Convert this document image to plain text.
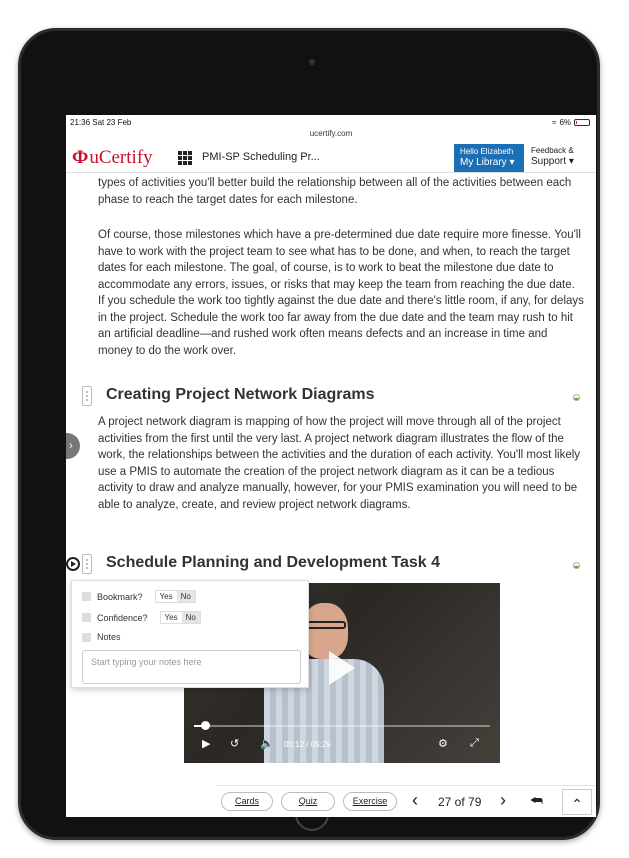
21:36 Sat 23 Feb
ucertify.com
≈ 6%
Ф uCertify	PMI-SP Scheduling Pr...	Hello Elizabeth
My Library ▾
Feedback &
Support ▾
›

types of activities you'll better build the relationship between all of the activities between each phase to reach the target dates for each milestone.

Of course, those milestones which have a pre-determined due date require more finesse. You'll have to work with the project team to see what has to be done, and when, to reach the target dates for each milestone. The goal, of course, is to work to beat the milestone due date to accommodate any errors, issues, or risks that may keep the team from reaching the due date. If you schedule the work too tightly against the due date and there's little room, if any, for delays in the project. Schedule the work too far away from the due date and the team may rush to hit an artificial deadline—and rushed work often means defects and an increase in time and money to do the work over.

Creating Project Network Diagrams

A project network diagram is mapping of how the project will move through all of the project activities from the first until the very last. A project network diagram illustrates the flow of the work, the relationships between the activities and the duration of each activity. You'll most likely use a PMIS to automate the creation of the project network diagram as it can be a tedious activity to draw and analyze manually, however, for your PMIS examination you will need to be able to analyze, create, and review project network diagrams.

Schedule Planning and Development Task 4
▶ ↺ 🔈 00:12 / 05:29	⚙ ⤢
Bookmark?	Yes	No
Confidence?	Yes	No
Notes
Start typing your notes here
Cards	Quiz	Exercise	‹ 27 of 79 › ⮪	⌃
